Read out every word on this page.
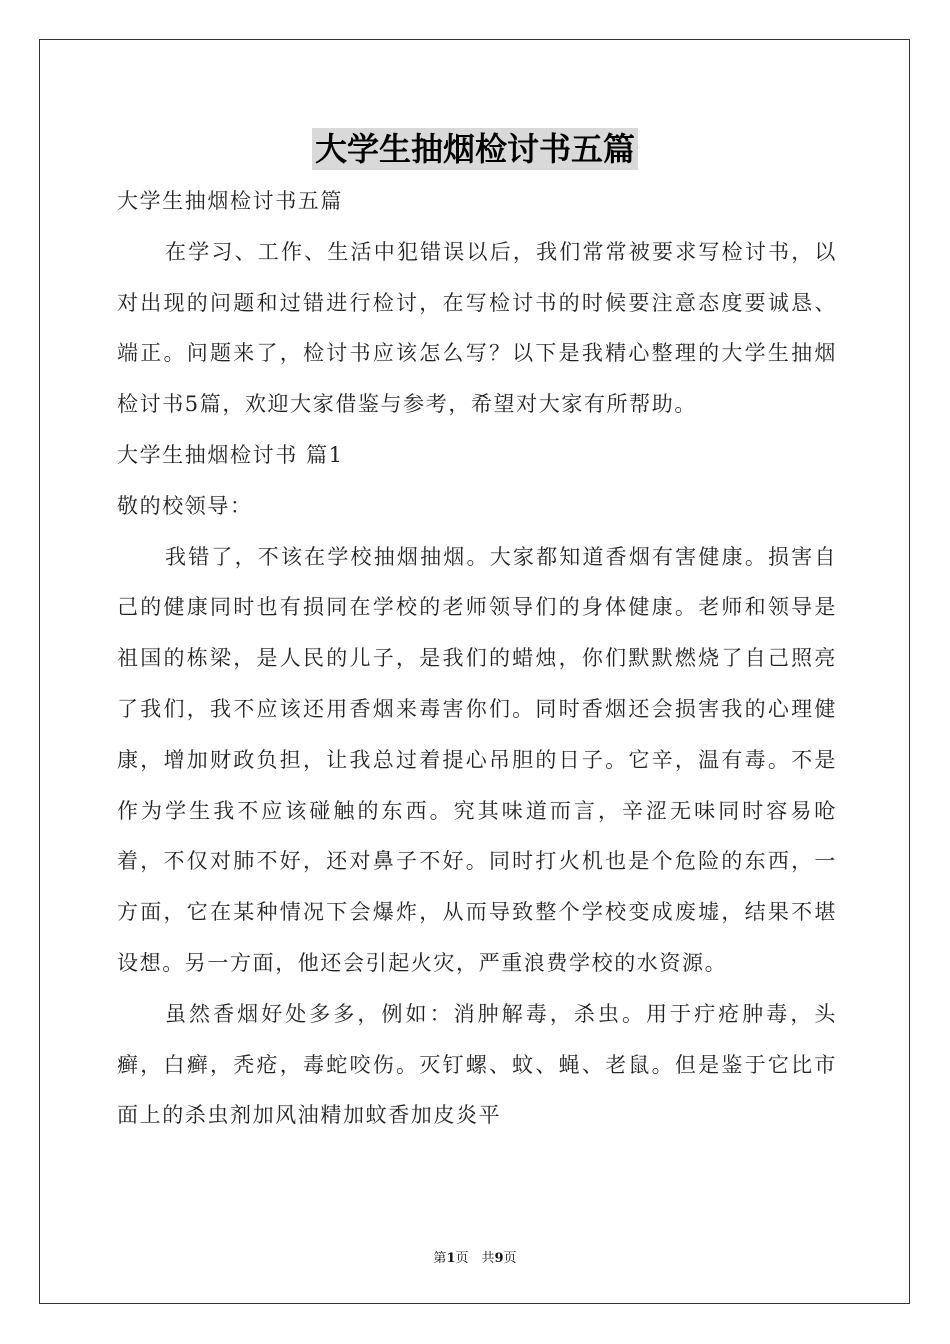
大学生抽烟检讨书五篇

大学生抽烟检讨书五篇

在学习、工作、生活中犯错误以后，我们常常被要求写检讨书，以对出现的问题和过错进行检讨，在写检讨书的时候要注意态度要诚恳、端正。问题来了，检讨书应该怎么写？以下是我精心整理的大学生抽烟检讨书5篇，欢迎大家借鉴与参考，希望对大家有所帮助。

大学生抽烟检讨书 篇1

敬的校领导：

我错了，不该在学校抽烟抽烟。大家都知道香烟有害健康。损害自己的健康同时也有损同在学校的老师领导们的身体健康。老师和领导是祖国的栋梁，是人民的儿子，是我们的蜡烛，你们默默燃烧了自己照亮了我们，我不应该还用香烟来毒害你们。同时香烟还会损害我的心理健康，增加财政负担，让我总过着提心吊胆的日子。它辛，温有毒。不是作为学生我不应该碰触的东西。究其味道而言，辛涩无味同时容易呛着，不仅对肺不好，还对鼻子不好。同时打火机也是个危险的东西，一方面，它在某种情况下会爆炸，从而导致整个学校变成废墟，结果不堪设想。另一方面，他还会引起火灾，严重浪费学校的水资源。

虽然香烟好处多多，例如：消肿解毒，杀虫。用于疔疮肿毒，头癣，白癣，秃疮，毒蛇咬伤。灭钉螺、蚊、蝇、老鼠。但是鉴于它比市面上的杀虫剂加风油精加蚊香加皮炎平

第1页　共9页
